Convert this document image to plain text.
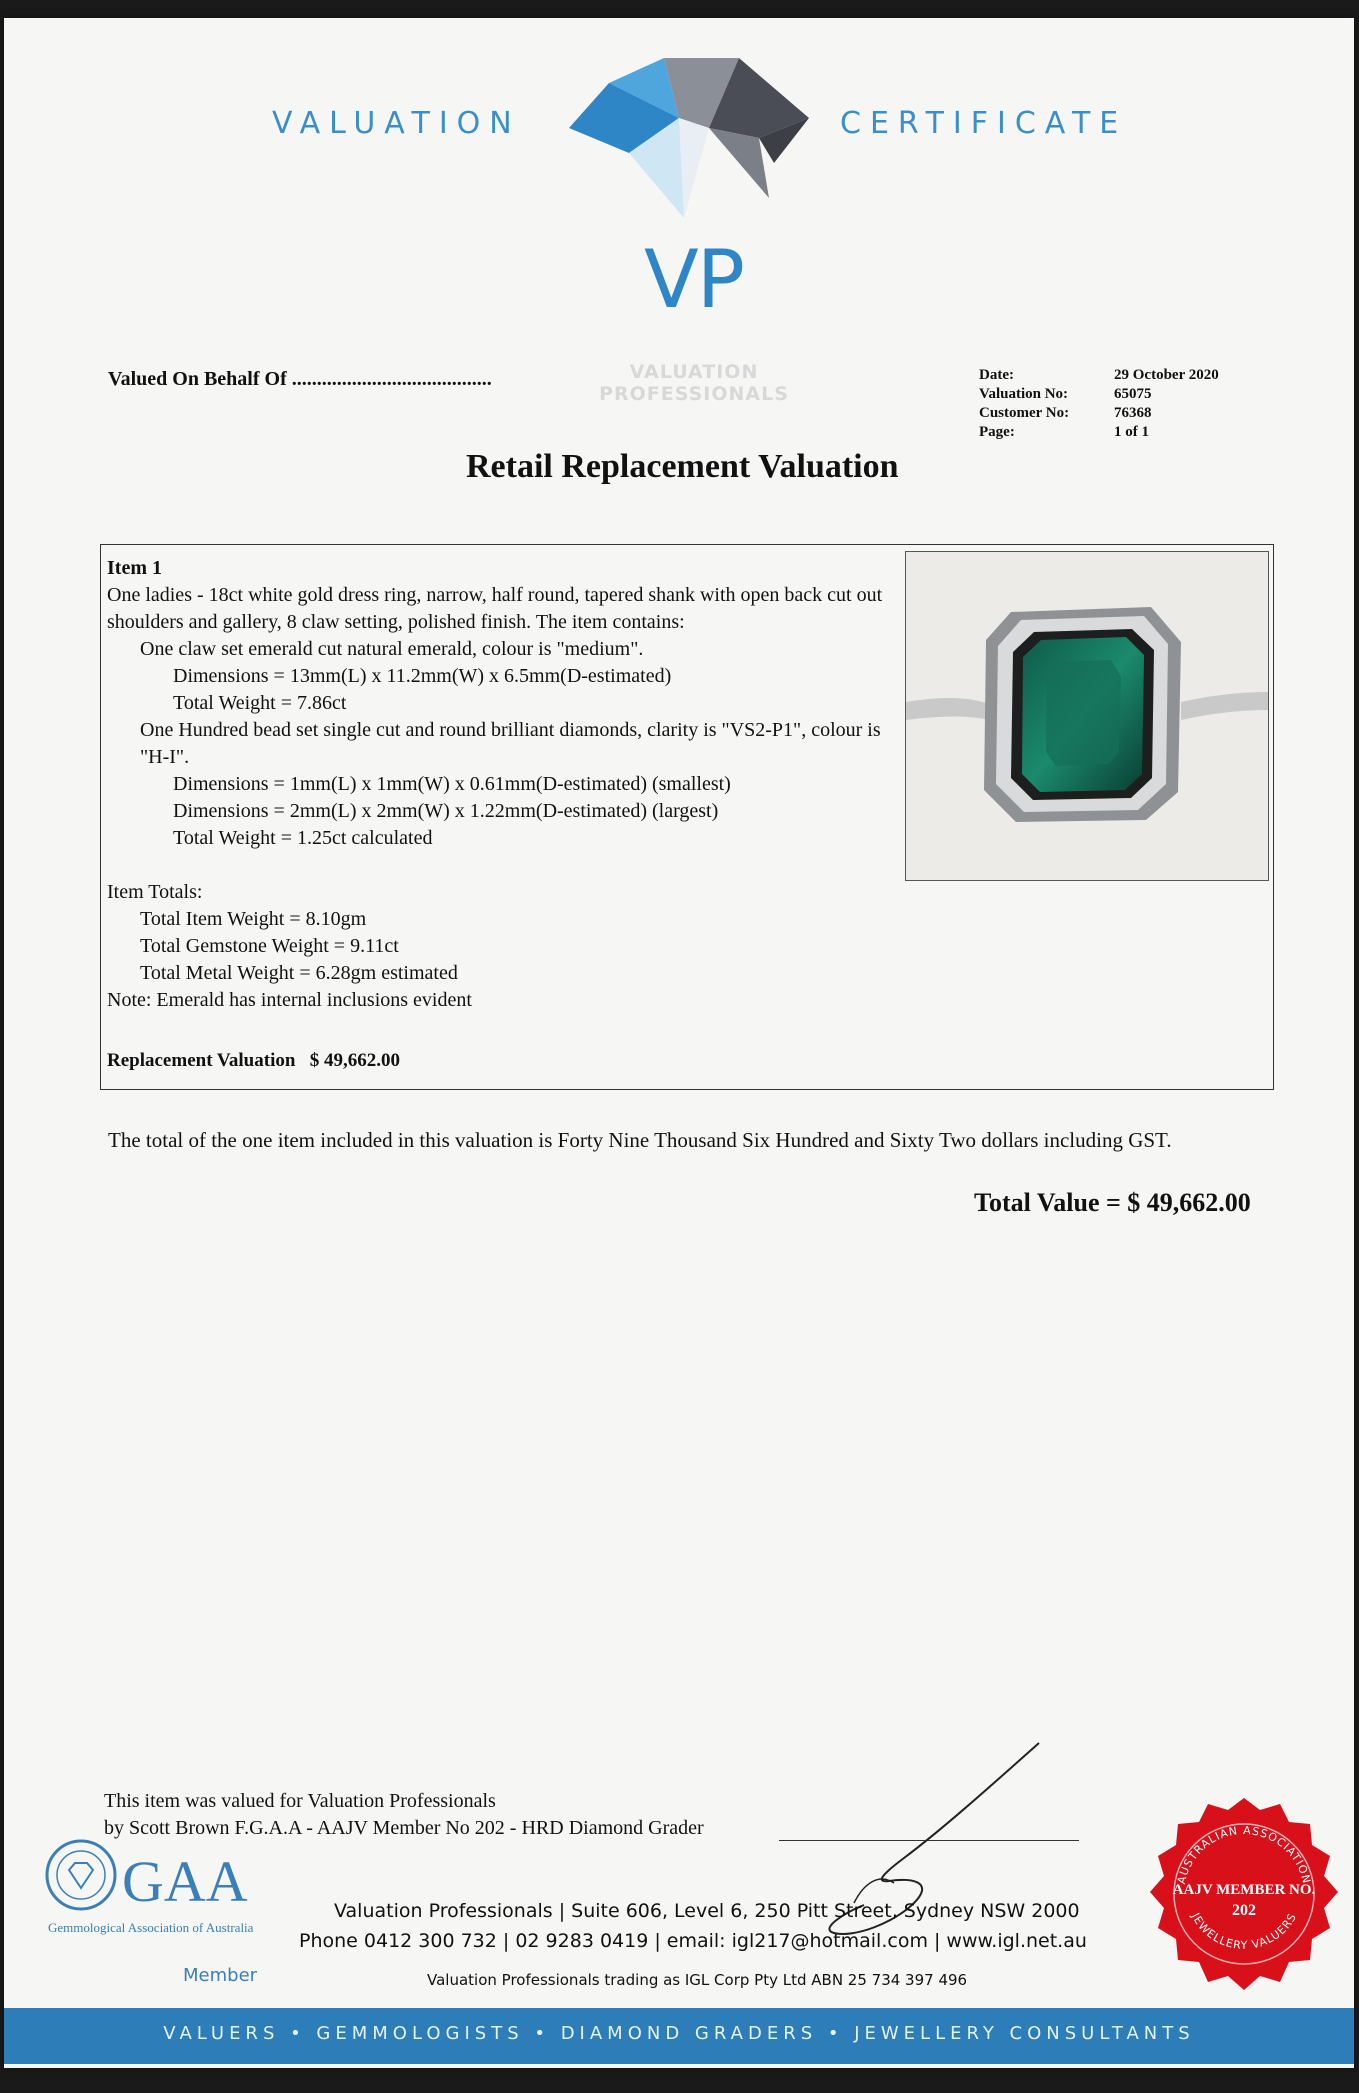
VALUATION	CERTIFICATE
VP
VALUATION
PROFESSIONALS
Valued On Behalf Of ........................................	Date:	29 October 2020
Valuation No:	65075
Customer No:	76368
Page:	1 of 1
Retail Replacement Valuation
Item 1
One ladies - 18ct white gold dress ring, narrow, half round, tapered shank with open back cut out shoulders and gallery, 8 claw setting, polished finish. The item contains:
One claw set emerald cut natural emerald, colour is "medium".
Dimensions = 13mm(L) x 11.2mm(W) x 6.5mm(D-estimated)
Total Weight = 7.86ct
One Hundred bead set single cut and round brilliant diamonds, clarity is "VS2-P1", colour is "H-I".
Dimensions = 1mm(L) x 1mm(W) x 0.61mm(D-estimated) (smallest)
Dimensions = 2mm(L) x 2mm(W) x 1.22mm(D-estimated) (largest)
Total Weight = 1.25ct calculated
Item Totals:
Total Item Weight = 8.10gm
Total Gemstone Weight = 9.11ct
Total Metal Weight = 6.28gm estimated
Note: Emerald has internal inclusions evident
Replacement Valuation $ 49,662.00
The total of the one item included in this valuation is Forty Nine Thousand Six Hundred and Sixty Two dollars including GST.
Total Value = $ 49,662.00
This item was valued for Valuation Professionals
by Scott Brown F.G.A.A - AAJV Member No 202 - HRD Diamond Grader
GAA
Gemmological Association of Australia
Member
Valuation Professionals | Suite 606, Level 6, 250 Pitt Street, Sydney NSW 2000
Phone 0412 300 732 | 02 9283 0419 | email: igl217@hotmail.com | www.igl.net.au
Valuation Professionals trading as IGL Corp Pty Ltd ABN 25 734 397 496
AUSTRALIAN ASSOCIATION
JEWELLERY VALUERS
AAJV MEMBER NO.
202
VALUERS • GEMMOLOGISTS • DIAMOND GRADERS • JEWELLERY CONSULTANTS
